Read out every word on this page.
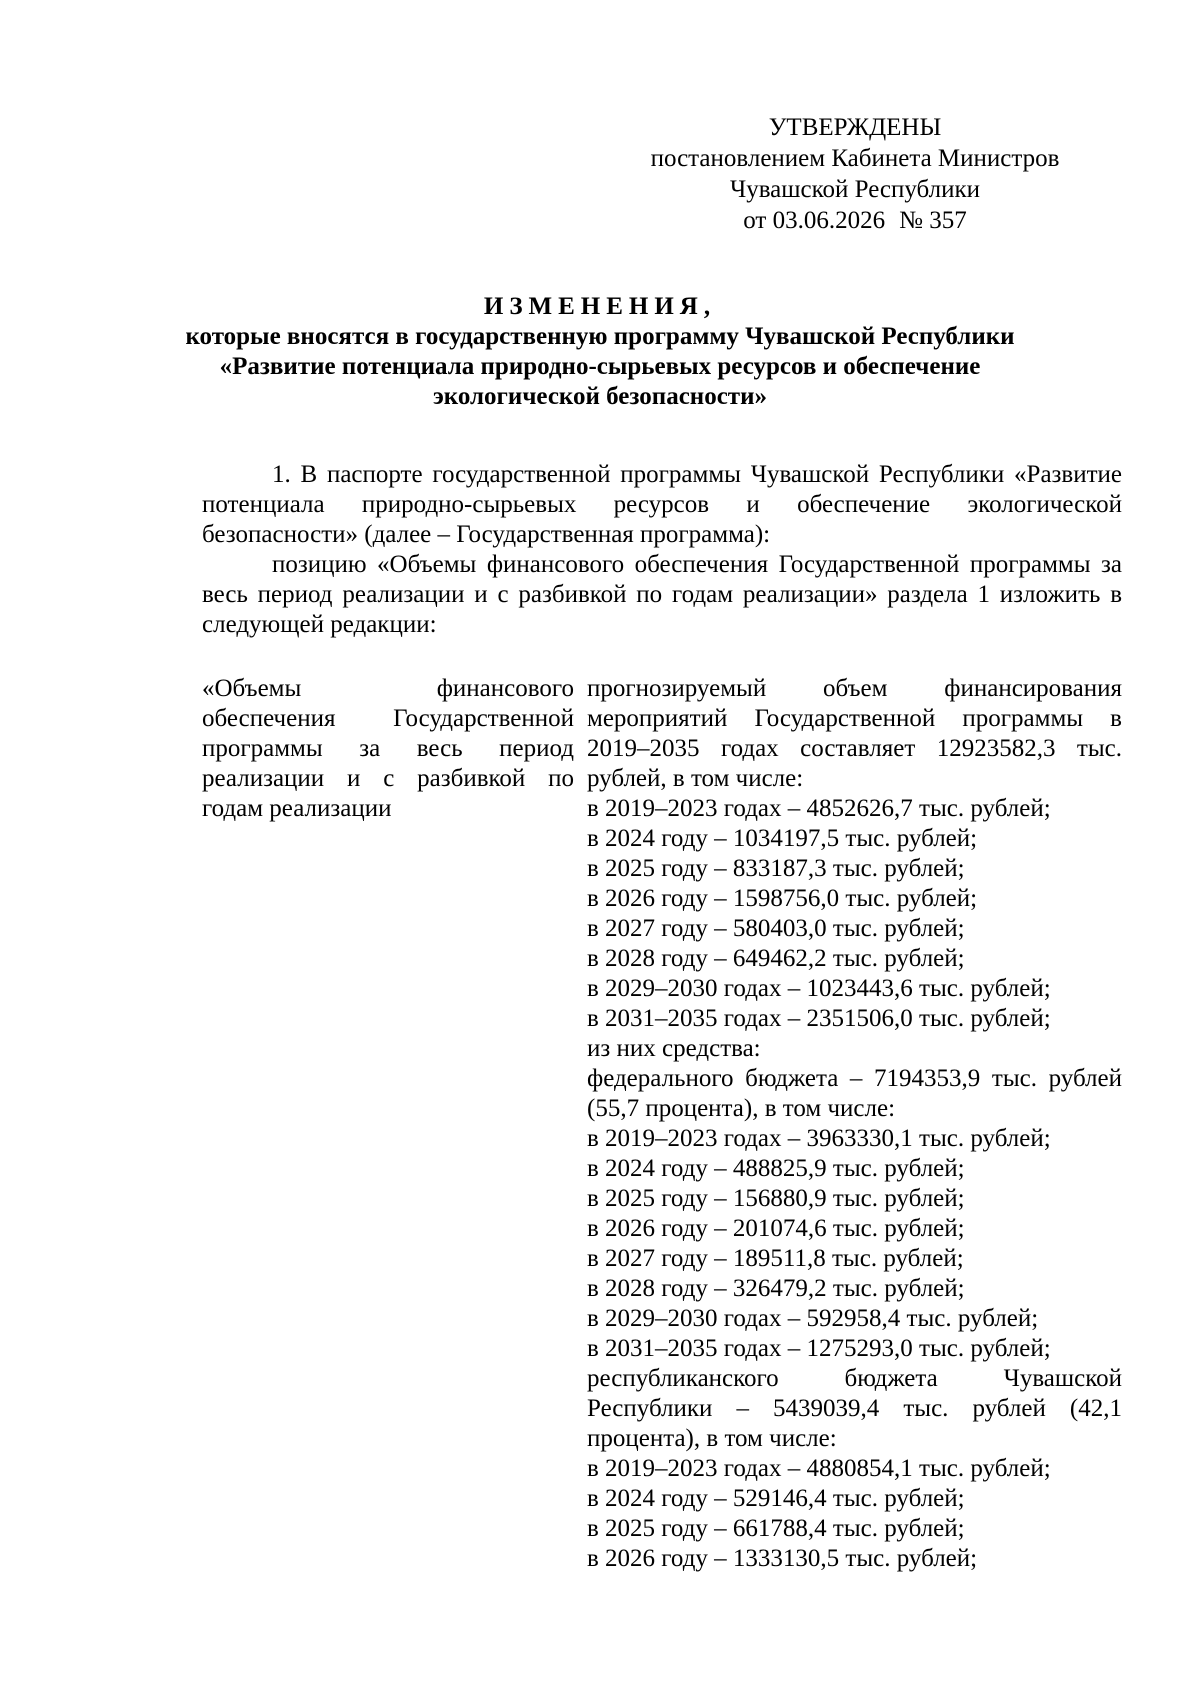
УТВЕРЖДЕНЫ
постановлением Кабинета Министров
Чувашской Республики
от 03.06.2026 № 357
ИЗМЕНЕНИЯ,
которые вносятся в государственную программу Чувашской Республики
«Развитие потенциала природно-сырьевых ресурсов и обеспечение
экологической безопасности»

1. В паспорте государственной программы Чувашской Республики «Развитие потенциала природно-сырьевых ресурсов и обеспечение экологической безопасности» (далее – Государственная программа):

позицию «Объемы финансового обеспечения Государственной программы за весь период реализации и с разбивкой по годам реализации» раздела 1 изложить в следующей редакции:

«Объемы финансового обеспечения Государственной программы за весь период реализации и с разбивкой по годам реализации
прогнозируемый объем финансирования мероприятий Государственной программы в 2019–2035 годах составляет 12923582,3 тыс. рублей, в том числе:
в 2019–2023 годах – 4852626,7 тыс. рублей;
в 2024 году – 1034197,5 тыс. рублей;
в 2025 году – 833187,3 тыс. рублей;
в 2026 году – 1598756,0 тыс. рублей;
в 2027 году – 580403,0 тыс. рублей;
в 2028 году – 649462,2 тыс. рублей;
в 2029–2030 годах – 1023443,6 тыс. рублей;
в 2031–2035 годах – 2351506,0 тыс. рублей;
из них средства:
федерального бюджета – 7194353,9 тыс. рублей (55,7 процента), в том числе:
в 2019–2023 годах – 3963330,1 тыс. рублей;
в 2024 году – 488825,9 тыс. рублей;
в 2025 году – 156880,9 тыс. рублей;
в 2026 году – 201074,6 тыс. рублей;
в 2027 году – 189511,8 тыс. рублей;
в 2028 году – 326479,2 тыс. рублей;
в 2029–2030 годах – 592958,4 тыс. рублей;
в 2031–2035 годах – 1275293,0 тыс. рублей;
республиканского бюджета Чувашской Республики – 5439039,4 тыс. рублей (42,1 процента), в том числе:
в 2019–2023 годах – 4880854,1 тыс. рублей;
в 2024 году – 529146,4 тыс. рублей;
в 2025 году – 661788,4 тыс. рублей;
в 2026 году – 1333130,5 тыс. рублей;
